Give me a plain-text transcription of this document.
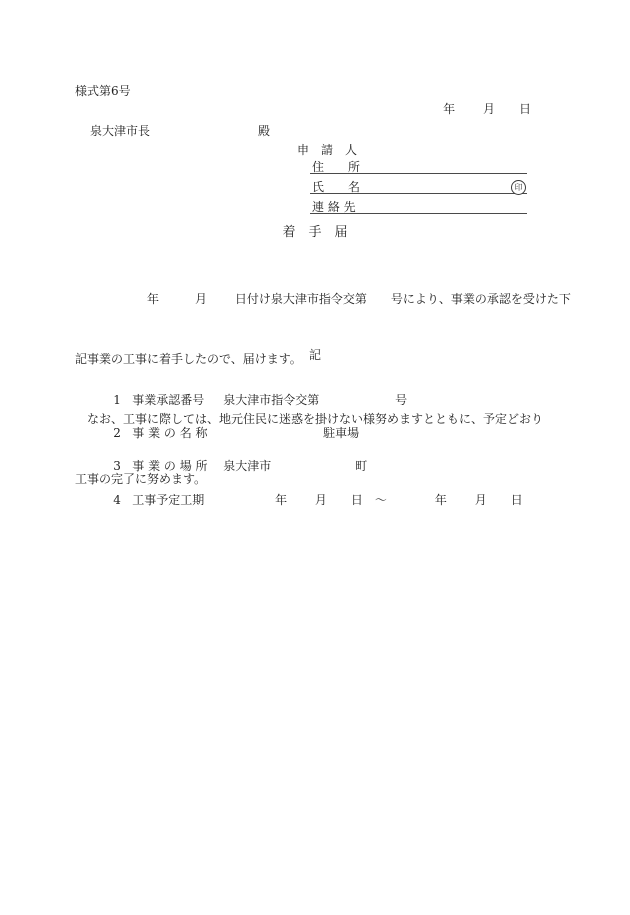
様式第6号
年　　 月　　日
泉大津市長　　　　　　　　　殿
申　請　人
住　　所
氏　　名	印
連 絡 先
着手届

　　　　　　年　　　月　　 日付け泉大津市指令交第　　号により、事業の承認を受けた下

記事業の工事に着手したので、届けます。

　なお、工事に際しては、地元住民に迷惑を掛けない様努めますとともに、予定どおり

工事の完了に努めます。

記

1 事業承認番号 泉大津市指令交第　　　　　　 号

2 事 業 の 名 称　　　　　　　　 駐車場

3 事 業 の 場 所 泉大津市　　　　　　　町

4 工事予定工期　　　　 年　　 月　　日　～　　　　年　　 月　　日
